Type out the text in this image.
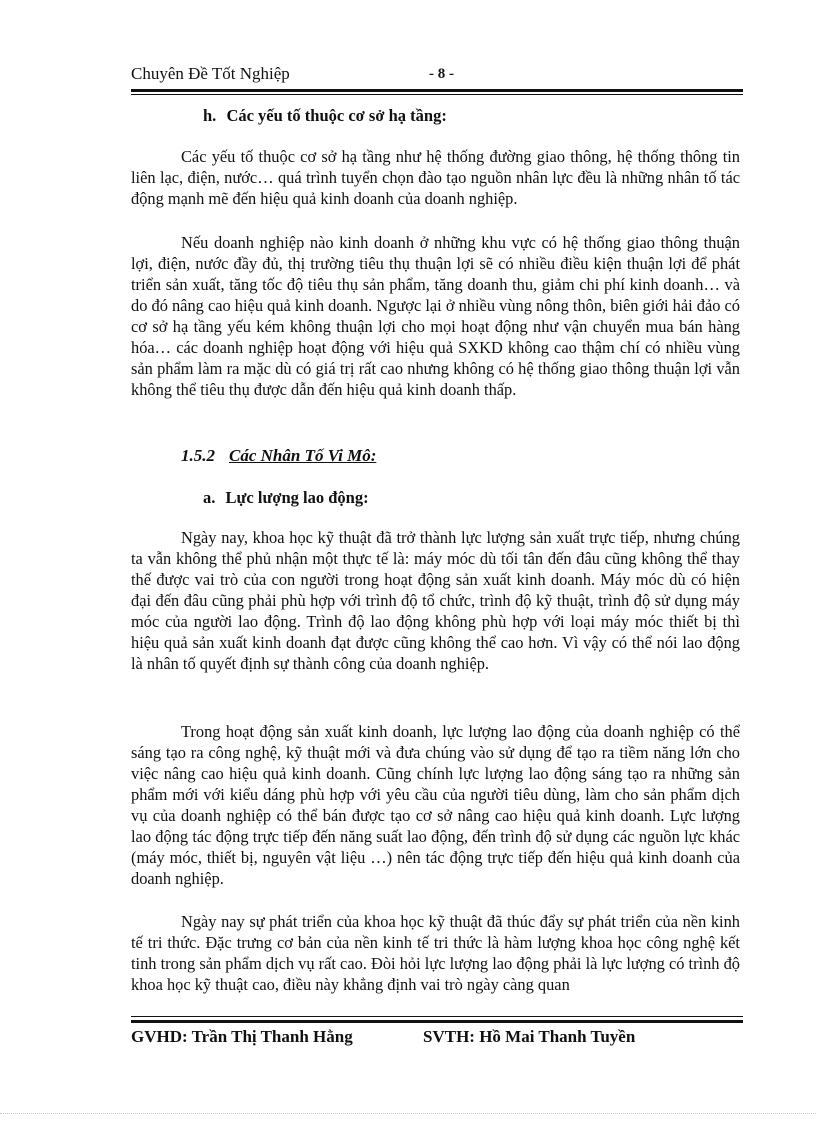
Chuyên Đề Tốt Nghiệp	- 8 -
h. Các yếu tố thuộc cơ sở hạ tầng:

Các yếu tố thuộc cơ sở hạ tầng như hệ thống đường giao thông, hệ thống thông tin liên lạc, điện, nước… quá trình tuyển chọn đào tạo nguồn nhân lực đều là những nhân tố tác động mạnh mẽ đến hiệu quả kinh doanh của doanh nghiệp.

Nếu doanh nghiệp nào kinh doanh ở những khu vực có hệ thống giao thông thuận lợi, điện, nước đầy đủ, thị trường tiêu thụ thuận lợi sẽ có nhiều điều kiện thuận lợi để phát triển sản xuất, tăng tốc độ tiêu thụ sản phẩm, tăng doanh thu, giảm chi phí kinh doanh… và do đó nâng cao hiệu quả kinh doanh. Ngược lại ở nhiều vùng nông thôn, biên giới hải đảo có cơ sở hạ tầng yếu kém không thuận lợi cho mọi hoạt động như vận chuyển mua bán hàng hóa… các doanh nghiệp hoạt động với hiệu quả SXKD không cao thậm chí có nhiều vùng sản phẩm làm ra mặc dù có giá trị rất cao nhưng không có hệ thống giao thông thuận lợi vẫn không thể tiêu thụ được dẫn đến hiệu quả kinh doanh thấp.

1.5.2 Các Nhân Tố Vi Mô:
a. Lực lượng lao động:

Ngày nay, khoa học kỹ thuật đã trở thành lực lượng sản xuất trực tiếp, nhưng chúng ta vẫn không thể phủ nhận một thực tế là: máy móc dù tối tân đến đâu cũng không thể thay thế được vai trò của con người trong hoạt động sản xuất kinh doanh. Máy móc dù có hiện đại đến đâu cũng phải phù hợp với trình độ tổ chức, trình độ kỹ thuật, trình độ sử dụng máy móc của người lao động. Trình độ lao động không phù hợp với loại máy móc thiết bị thì hiệu quả sản xuất kinh doanh đạt được cũng không thể cao hơn. Vì vậy có thể nói lao động là nhân tố quyết định sự thành công của doanh nghiệp.

Trong hoạt động sản xuất kinh doanh, lực lượng lao động của doanh nghiệp có thể sáng tạo ra công nghệ, kỹ thuật mới và đưa chúng vào sử dụng để tạo ra tiềm năng lớn cho việc nâng cao hiệu quả kinh doanh. Cũng chính lực lượng lao động sáng tạo ra những sản phẩm mới với kiểu dáng phù hợp với yêu cầu của người tiêu dùng, làm cho sản phẩm dịch vụ của doanh nghiệp có thể bán được tạo cơ sở nâng cao hiệu quả kinh doanh. Lực lượng lao động tác động trực tiếp đến năng suất lao động, đến trình độ sử dụng các nguồn lực khác (máy móc, thiết bị, nguyên vật liệu …) nên tác động trực tiếp đến hiệu quả kinh doanh của doanh nghiệp.

Ngày nay sự phát triển của khoa học kỹ thuật đã thúc đẩy sự phát triển của nền kinh tế tri thức. Đặc trưng cơ bản của nền kinh tế tri thức là hàm lượng khoa học công nghệ kết tinh trong sản phẩm dịch vụ rất cao. Đòi hỏi lực lượng lao động phải là lực lượng có trình độ khoa học kỹ thuật cao, điều này khẳng định vai trò ngày càng quan

GVHD: Trần Thị Thanh Hằng	SVTH: Hồ Mai Thanh Tuyền
